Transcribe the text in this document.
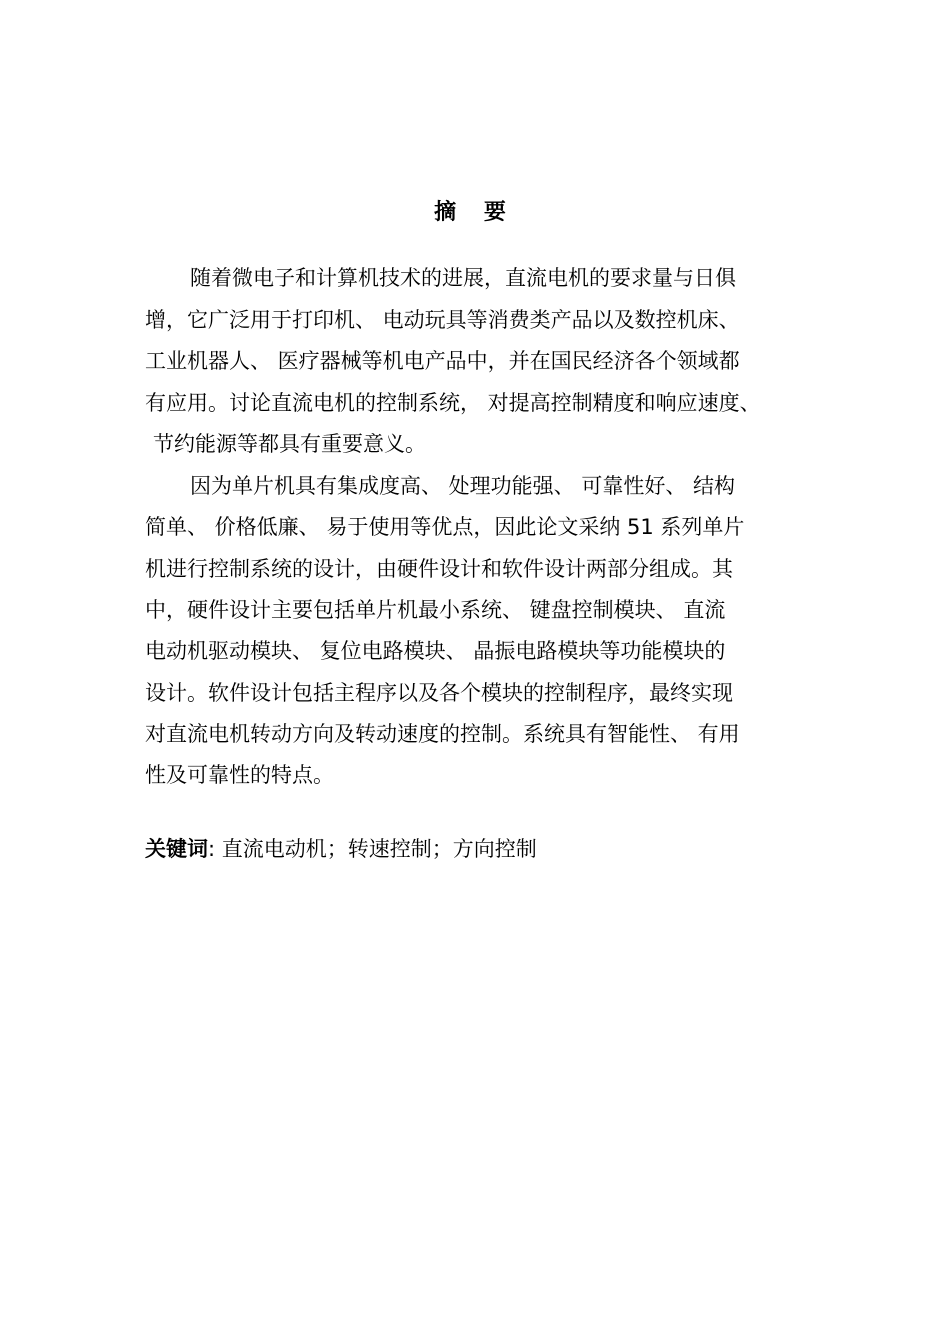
摘 要
随着微电子和计算机技术的进展，直流电机的要求量与日俱
增，它广泛用于打印机、 电动玩具等消费类产品以及数控机床、
工业机器人、 医疗器械等机电产品中，并在国民经济各个领域都
有应用。讨论直流电机的控制系统， 对提高控制精度和响应速度、
节约能源等都具有重要意义。
因为单片机具有集成度高、 处理功能强、 可靠性好、 结构
简单、 价格低廉、 易于使用等优点，因此论文采纳 51 系列单片
机进行控制系统的设计，由硬件设计和软件设计两部分组成。其
中，硬件设计主要包括单片机最小系统、 键盘控制模块、 直流
电动机驱动模块、 复位电路模块、 晶振电路模块等功能模块的
设计。软件设计包括主程序以及各个模块的控制程序，最终实现
对直流电机转动方向及转动速度的控制。系统具有智能性、 有用
性及可靠性的特点。
关键词: 直流电动机；转速控制；方向控制
